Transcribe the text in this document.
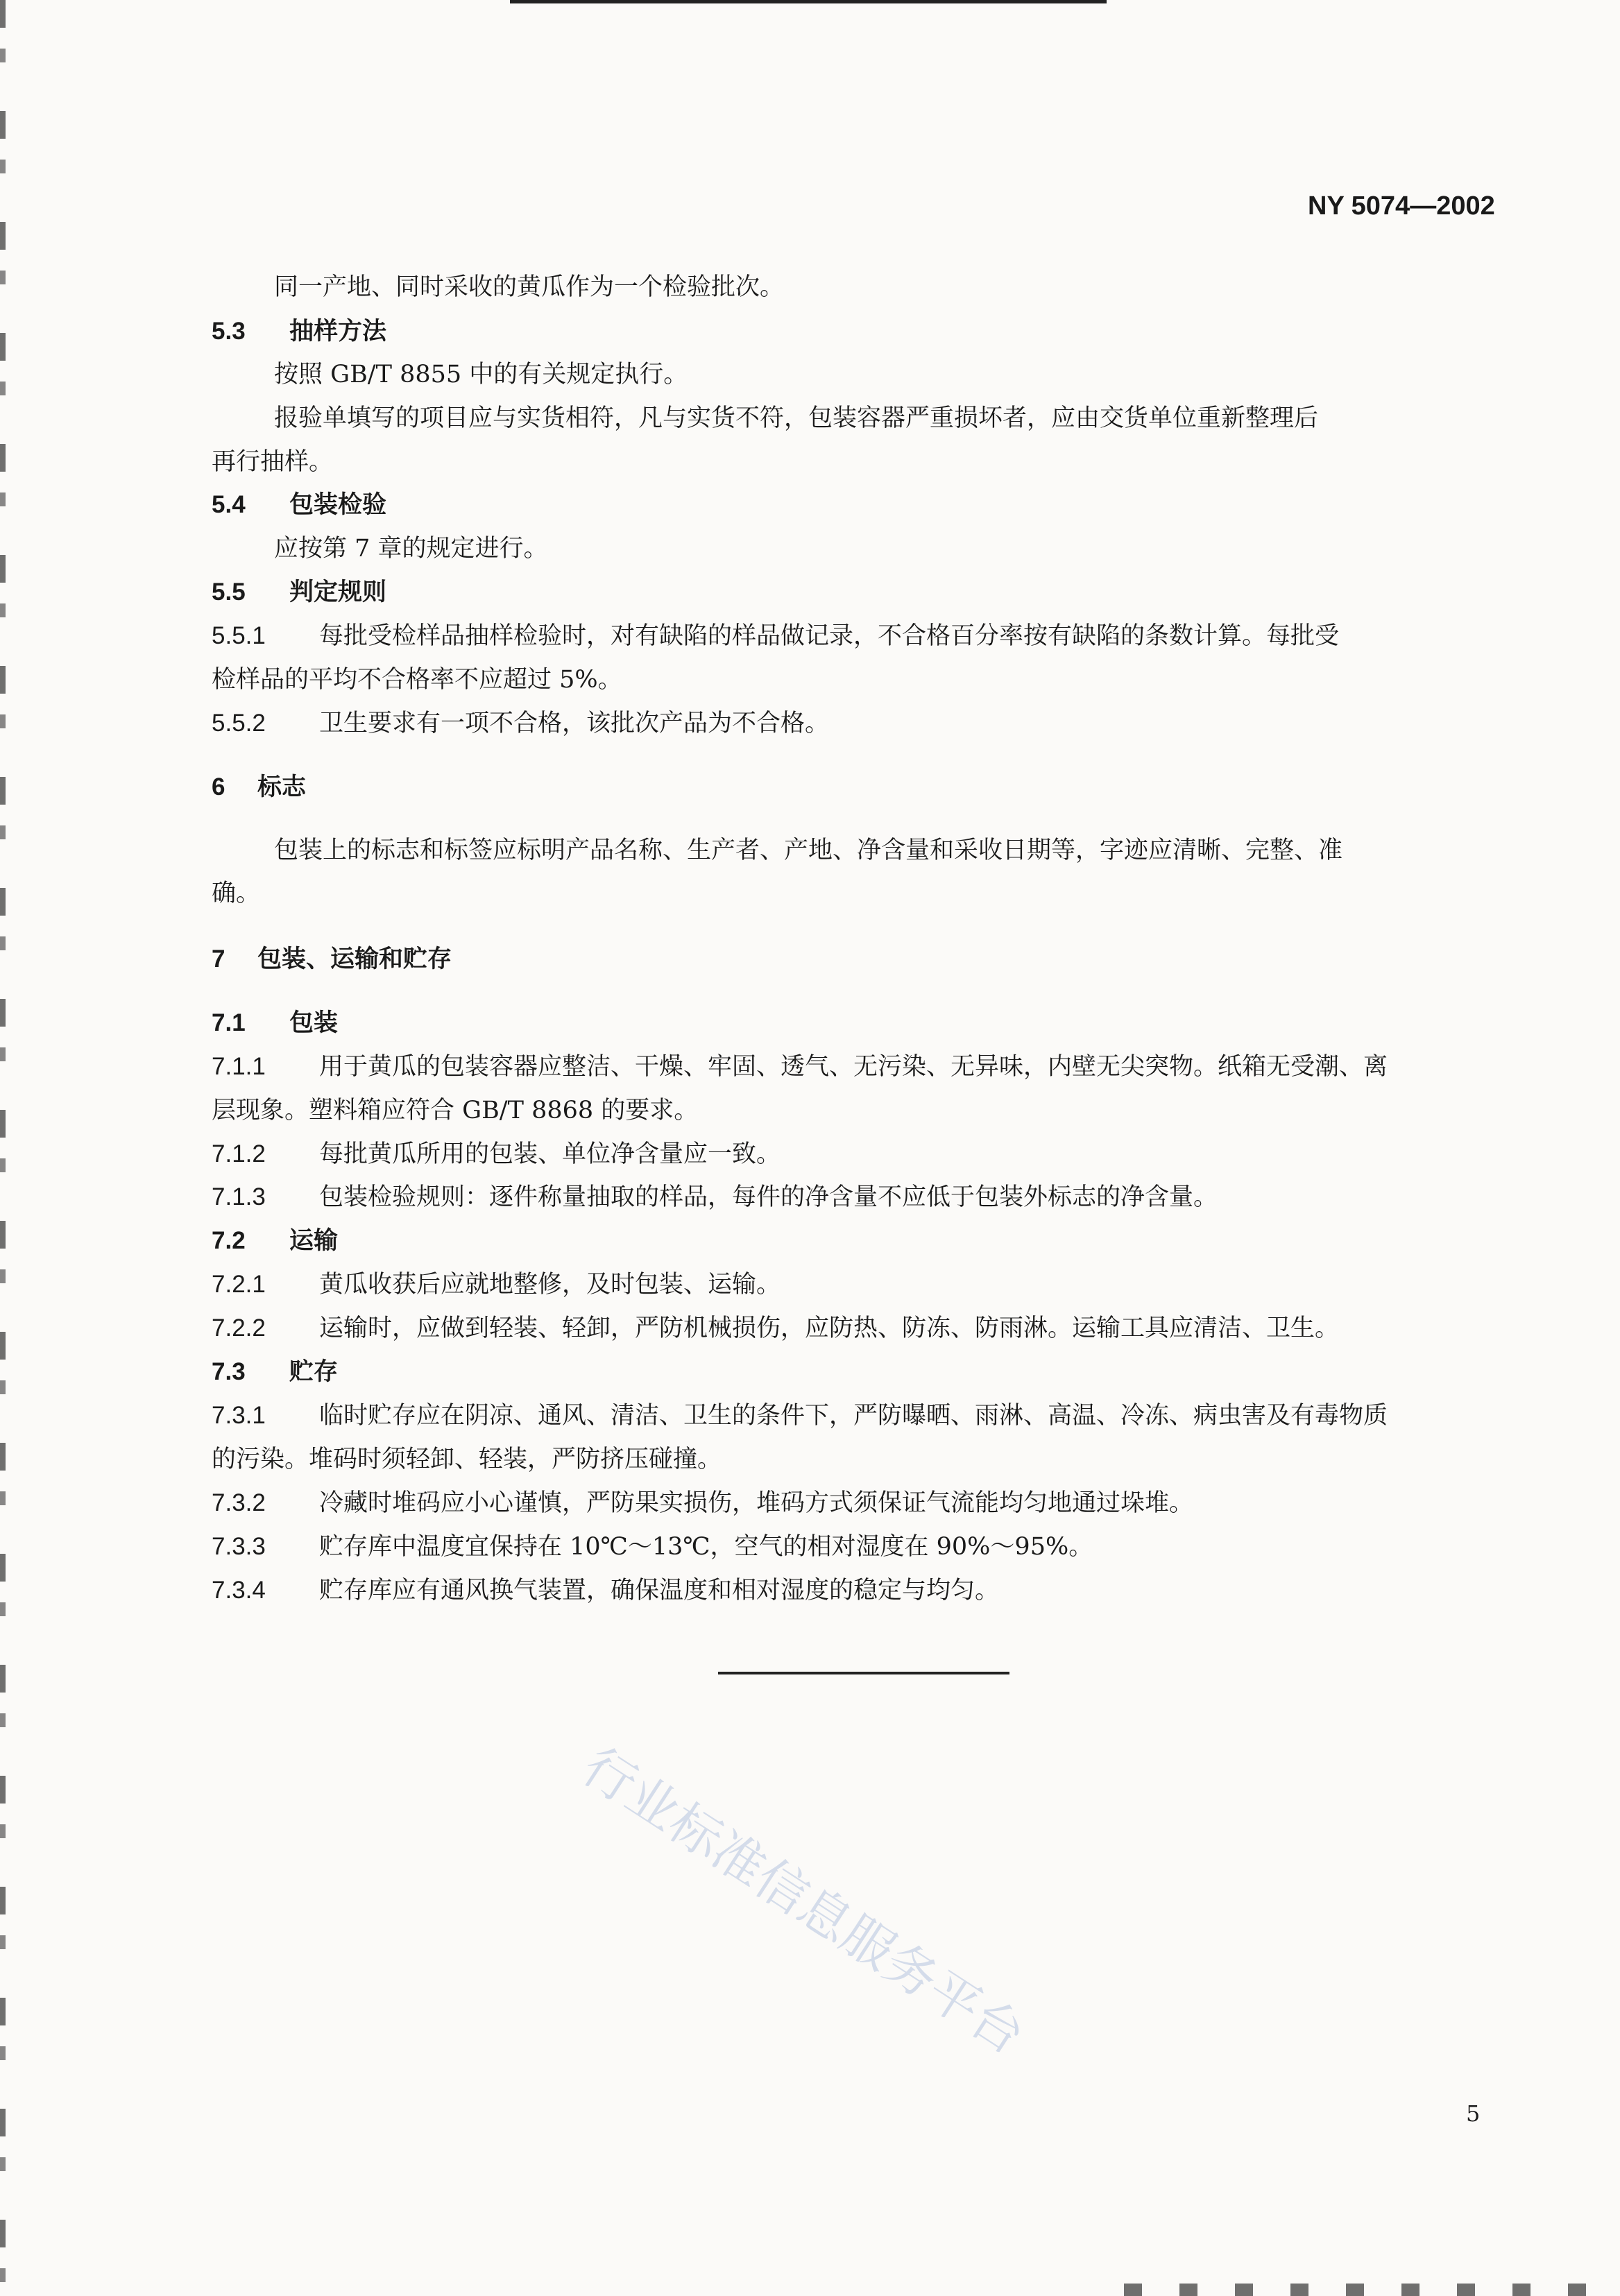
NY 5074—2002
同一产地、同时采收的黄瓜作为一个检验批次。
5.3 抽样方法
按照 GB/T 8855 中的有关规定执行。
报验单填写的项目应与实货相符，凡与实货不符，包装容器严重损坏者，应由交货单位重新整理后
再行抽样。
5.4 包装检验
应按第 7 章的规定进行。
5.5 判定规则
5.5.1 每批受检样品抽样检验时，对有缺陷的样品做记录，不合格百分率按有缺陷的条数计算。每批受
检样品的平均不合格率不应超过 5%。
5.5.2 卫生要求有一项不合格，该批次产品为不合格。
6 标志
包装上的标志和标签应标明产品名称、生产者、产地、净含量和采收日期等，字迹应清晰、完整、准
确。
7 包装、运输和贮存
7.1 包装
7.1.1 用于黄瓜的包装容器应整洁、干燥、牢固、透气、无污染、无异味，内壁无尖突物。纸箱无受潮、离
层现象。塑料箱应符合 GB/T 8868 的要求。
7.1.2 每批黄瓜所用的包装、单位净含量应一致。
7.1.3 包装检验规则：逐件称量抽取的样品，每件的净含量不应低于包装外标志的净含量。
7.2 运输
7.2.1 黄瓜收获后应就地整修，及时包装、运输。
7.2.2 运输时，应做到轻装、轻卸，严防机械损伤，应防热、防冻、防雨淋。运输工具应清洁、卫生。
7.3 贮存
7.3.1 临时贮存应在阴凉、通风、清洁、卫生的条件下，严防曝晒、雨淋、高温、冷冻、病虫害及有毒物质
的污染。堆码时须轻卸、轻装，严防挤压碰撞。
7.3.2 冷藏时堆码应小心谨慎，严防果实损伤，堆码方式须保证气流能均匀地通过垛堆。
7.3.3 贮存库中温度宜保持在 10℃～13℃，空气的相对湿度在 90%～95%。
7.3.4 贮存库应有通风换气装置，确保温度和相对湿度的稳定与均匀。
行业标准信息服务平台
5
